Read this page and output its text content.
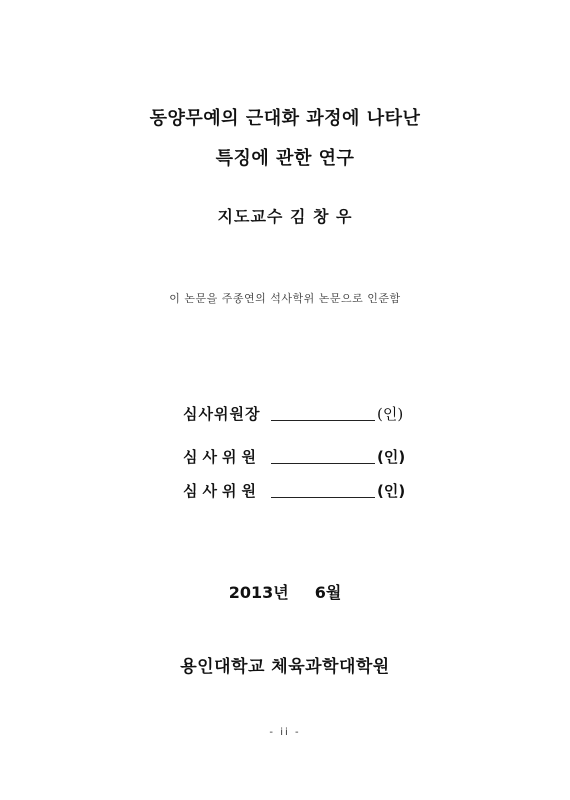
동양무예의 근대화 과정에 나타난
특징에 관한 연구
지도교수 김 창 우
이 논문을 주종연의 석사학위 논문으로 인준함
심사위원장	(인)
심사위원	(인)
심사위원	(인)
2013년 6월
용인대학교 체육과학대학원
- ii -
